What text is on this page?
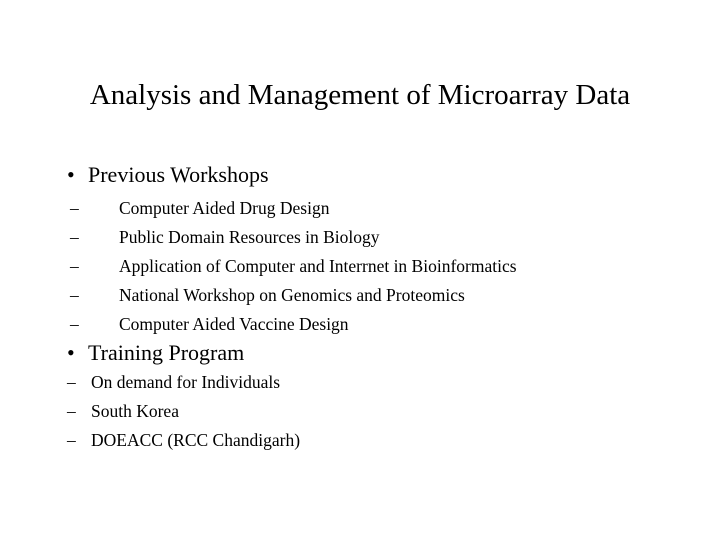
Analysis and Management of Microarray Data
• Previous Workshops
–	Computer Aided Drug Design
–	Public Domain Resources in Biology
–	Application of Computer and Interrnet in Bioinformatics
–	National Workshop on Genomics and Proteomics
–	Computer Aided Vaccine Design
• Training Program
– On demand for Individuals
– South Korea
– DOEACC (RCC Chandigarh)
